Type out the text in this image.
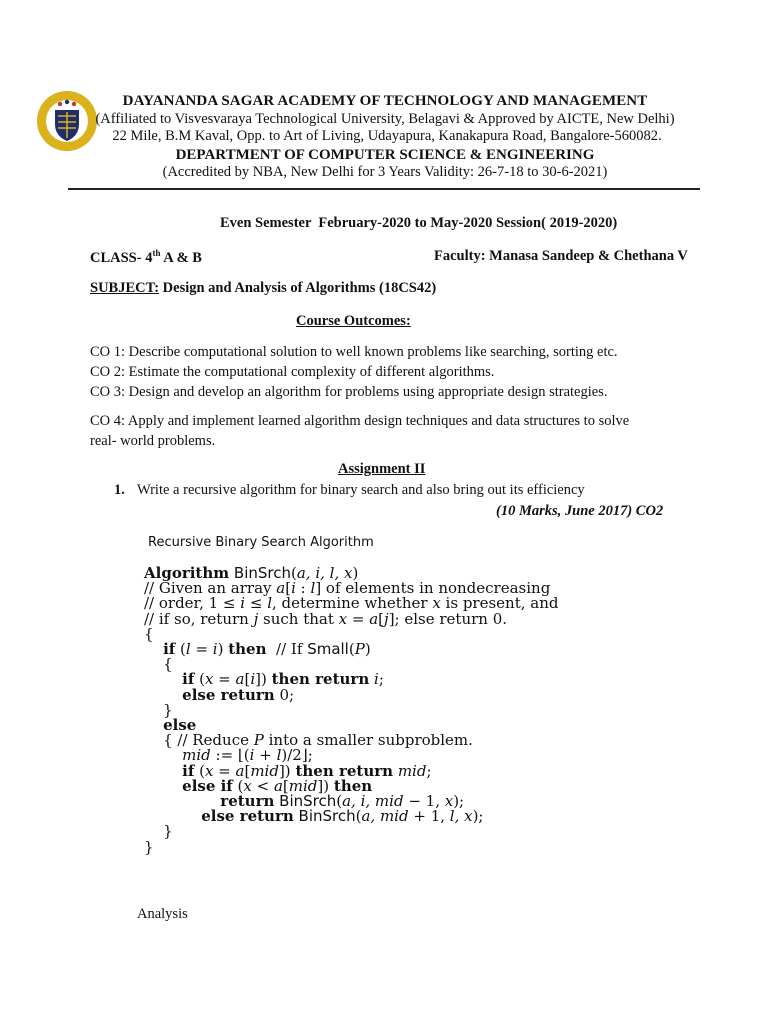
DAYANANDA SAGAR ACADEMY OF TECHNOLOGY AND MANAGEMENT
(Affiliated to Visvesvaraya Technological University, Belagavi & Approved by AICTE, New Delhi)
22 Mile, B.M Kaval, Opp. to Art of Living, Udayapura, Kanakapura Road, Bangalore-560082.
DEPARTMENT OF COMPUTER SCIENCE & ENGINEERING
(Accredited by NBA, New Delhi for 3 Years Validity: 26-7-18 to 30-6-2021)
Even Semester  February-2020 to May-2020 Session( 2019-2020)
CLASS- 4th A & B	Faculty: Manasa Sandeep & Chethana V
SUBJECT: Design and Analysis of Algorithms (18CS42)
Course Outcomes:
CO 1: Describe computational solution to well known problems like searching, sorting etc.
CO 2: Estimate the computational complexity of different algorithms.
CO 3: Design and develop an algorithm for problems using appropriate design strategies.
CO 4: Apply and implement learned algorithm design techniques and data structures to solve
real- world problems.
Assignment II
1. Write a recursive algorithm for binary search and also bring out its efficiency
(10 Marks, June 2017) CO2
Recursive Binary Search Algorithm
Algorithm BinSrch(a, i, l, x)
// Given an array a[i : l] of elements in nondecreasing
// order, 1 ≤ i ≤ l, determine whether x is present, and
// if so, return j such that x = a[j]; else return 0.
{
if (l = i) then  // If Small(P)
{
if (x = a[i]) then return i;
else return 0;
}
else
{ // Reduce P into a smaller subproblem.
mid := ⌊(i + l)/2⌋;
if (x = a[mid]) then return mid;
else if (x < a[mid]) then
return BinSrch(a, i, mid − 1, x);
else return BinSrch(a, mid + 1, l, x);
}
}
Analysis
